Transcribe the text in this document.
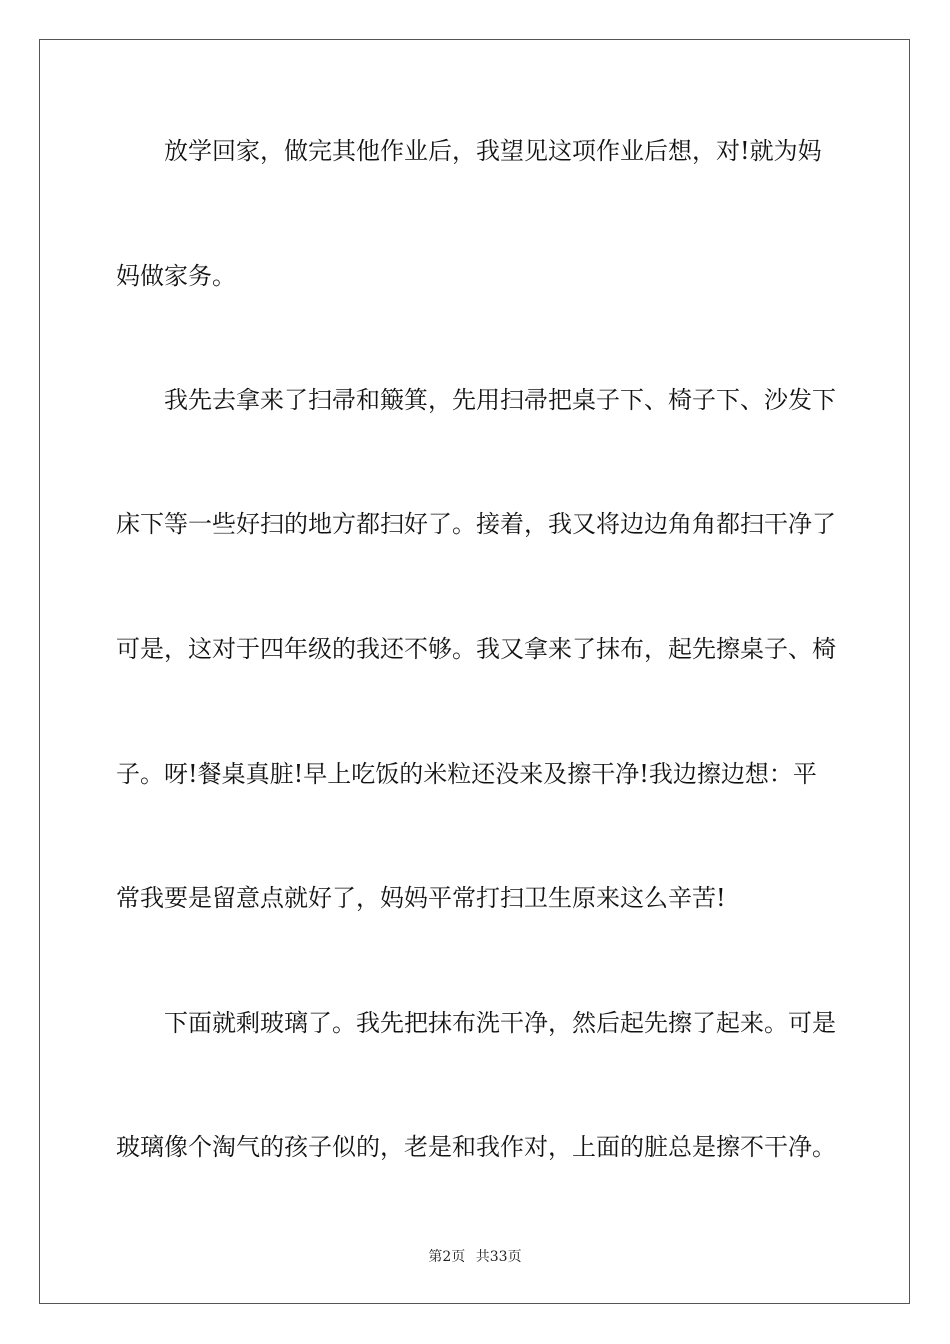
放学回家，做完其他作业后，我望见这项作业后想，对!就为妈
妈做家务。
我先去拿来了扫帚和簸箕，先用扫帚把桌子下、椅子下、沙发下
床下等一些好扫的地方都扫好了。接着，我又将边边角角都扫干净了
可是，这对于四年级的我还不够。我又拿来了抹布，起先擦桌子、椅
子。呀!餐桌真脏!早上吃饭的米粒还没来及擦干净!我边擦边想：平
常我要是留意点就好了，妈妈平常打扫卫生原来这么辛苦!
下面就剩玻璃了。我先把抹布洗干净，然后起先擦了起来。可是
玻璃像个淘气的孩子似的，老是和我作对，上面的脏总是擦不干净。
第2页 共33页
